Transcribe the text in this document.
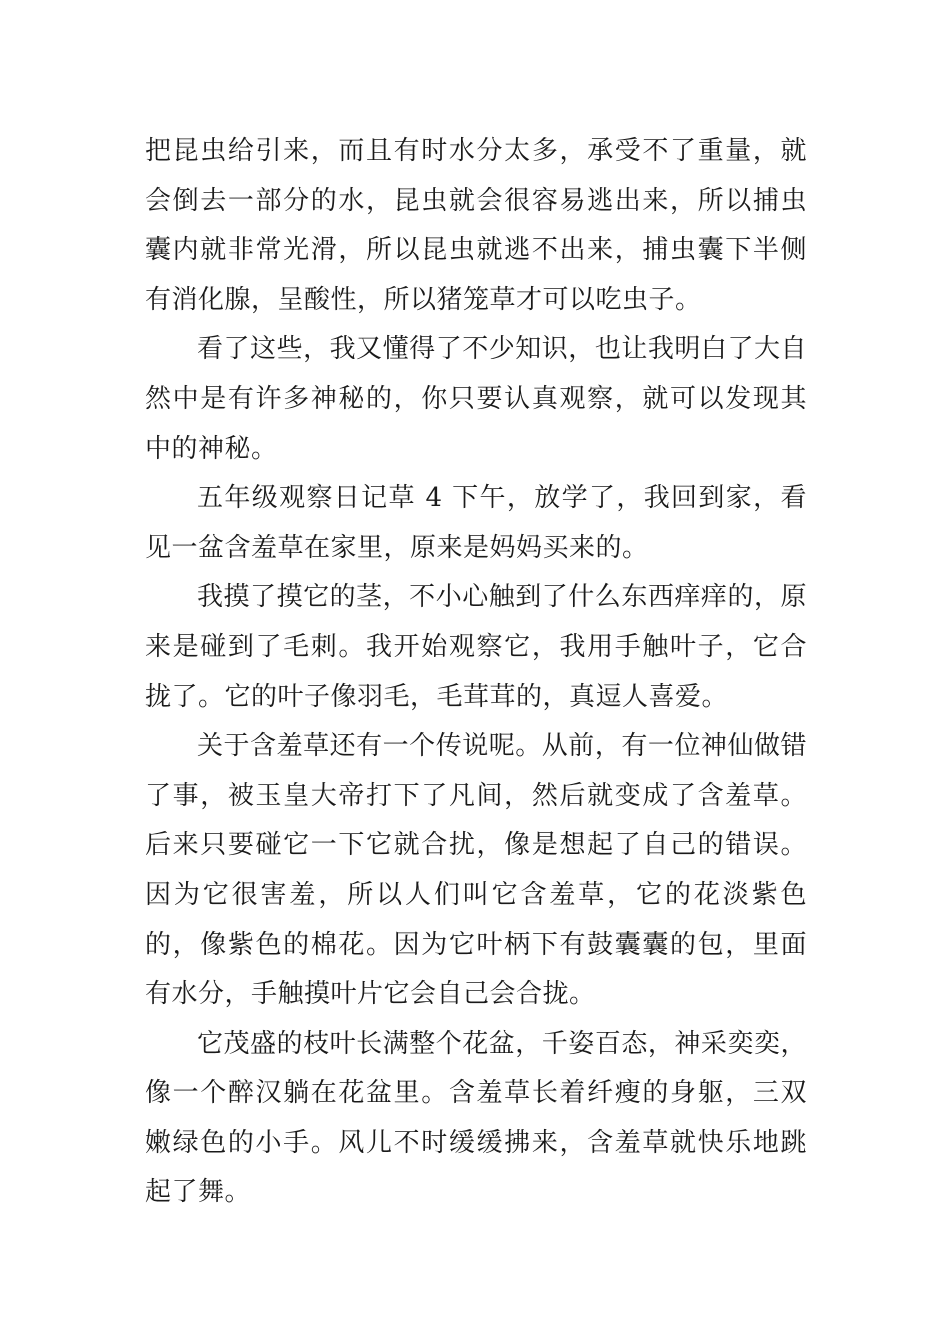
把昆虫给引来，而且有时水分太多，承受不了重量，就会倒去一部分的水，昆虫就会很容易逃出来，所以捕虫囊内就非常光滑，所以昆虫就逃不出来，捕虫囊下半侧有消化腺，呈酸性，所以猪笼草才可以吃虫子。

看了这些，我又懂得了不少知识，也让我明白了大自然中是有许多神秘的，你只要认真观察，就可以发现其中的神秘。

五年级观察日记草 4 下午，放学了，我回到家，看见一盆含羞草在家里，原来是妈妈买来的。

我摸了摸它的茎，不小心触到了什么东西痒痒的，原来是碰到了毛刺。我开始观察它，我用手触叶子，它合拢了。它的叶子像羽毛，毛茸茸的，真逗人喜爱。

关于含羞草还有一个传说呢。从前，有一位神仙做错了事，被玉皇大帝打下了凡间，然后就变成了含羞草。后来只要碰它一下它就合扰，像是想起了自己的错误。因为它很害羞，所以人们叫它含羞草，它的花淡紫色的，像紫色的棉花。因为它叶柄下有鼓囊囊的包，里面有水分，手触摸叶片它会自己会合拢。

它茂盛的枝叶长满整个花盆，千姿百态，神采奕奕，像一个醉汉躺在花盆里。含羞草长着纤瘦的身躯，三双嫩绿色的小手。风儿不时缓缓拂来，含羞草就快乐地跳起了舞。
